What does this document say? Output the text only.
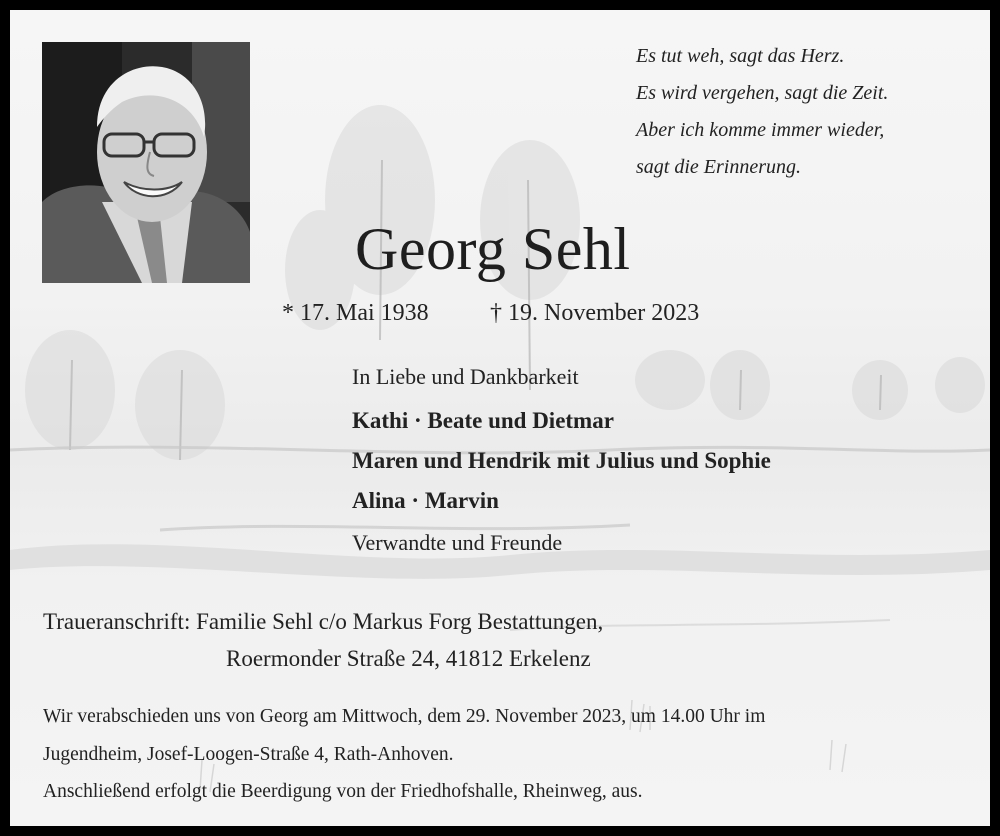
Es tut weh, sagt das Herz.
Es wird vergehen, sagt die Zeit.
Aber ich komme immer wieder,
sagt die Erinnerung.
Georg Sehl
* 17. Mai 1938	† 19. November 2023
In Liebe und Dankbarkeit
Kathi · Beate und Dietmar
Maren und Hendrik mit Julius und Sophie
Alina · Marvin
Verwandte und Freunde
Traueranschrift: Familie Sehl c/o Markus Forg Bestattungen,
Roermonder Straße 24, 41812 Erkelenz
Wir verabschieden uns von Georg am Mittwoch, dem 29. November 2023, um 14.00 Uhr im
Jugendheim, Josef-Loogen-Straße 4, Rath-Anhoven.
Anschließend erfolgt die Beerdigung von der Friedhofshalle, Rheinweg, aus.
